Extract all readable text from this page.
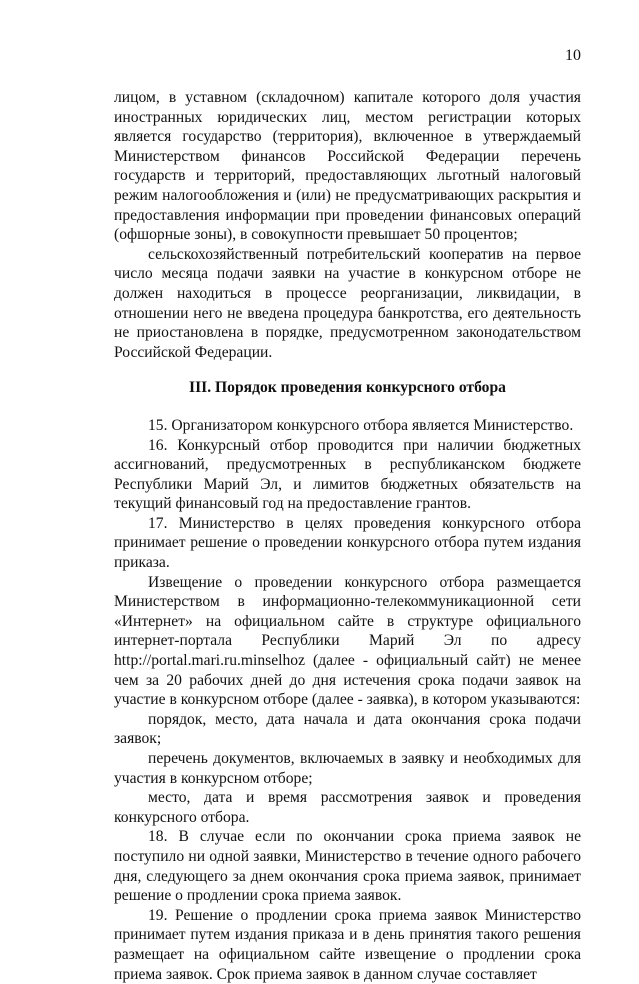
10

лицом, в уставном (складочном) капитале которого доля участия иностранных юридических лиц, местом регистрации которых является государство (территория), включенное в утверждаемый Министерством финансов Российской Федерации перечень государств и территорий, предоставляющих льготный налоговый режим налогообложения и (или) не предусматривающих раскрытия и предоставления информации при проведении финансовых операций (офшорные зоны), в совокупности превышает 50 процентов;

сельскохозяйственный потребительский кооператив на первое число месяца подачи заявки на участие в конкурсном отборе не должен находиться в процессе реорганизации, ликвидации, в отношении него не введена процедура банкротства, его деятельность не приостановлена в порядке, предусмотренном законодательством Российской Федерации.

III. Порядок проведения конкурсного отбора

15. Организатором конкурсного отбора является Министерство.

16. Конкурсный отбор проводится при наличии бюджетных ассигнований, предусмотренных в республиканском бюджете Республики Марий Эл, и лимитов бюджетных обязательств на текущий финансовый год на предоставление грантов.

17. Министерство в целях проведения конкурсного отбора принимает решение о проведении конкурсного отбора путем издания приказа.

Извещение о проведении конкурсного отбора размещается Министерством в информационно-телекоммуникационной сети «Интернет» на официальном сайте в структуре официального интернет-портала Республики Марий Эл по адресу http://portal.mari.ru.minselhoz (далее - официальный сайт) не менее чем за 20 рабочих дней до дня истечения срока подачи заявок на участие в конкурсном отборе (далее - заявка), в котором указываются:

порядок, место, дата начала и дата окончания срока подачи заявок;

перечень документов, включаемых в заявку и необходимых для участия в конкурсном отборе;

место, дата и время рассмотрения заявок и проведения конкурсного отбора.

18. В случае если по окончании срока приема заявок не поступило ни одной заявки, Министерство в течение одного рабочего дня, следующего за днем окончания срока приема заявок, принимает решение о продлении срока приема заявок.

19. Решение о продлении срока приема заявок Министерство принимает путем издания приказа и в день принятия такого решения размещает на официальном сайте извещение о продлении срока приема заявок. Срок приема заявок в данном случае составляет
